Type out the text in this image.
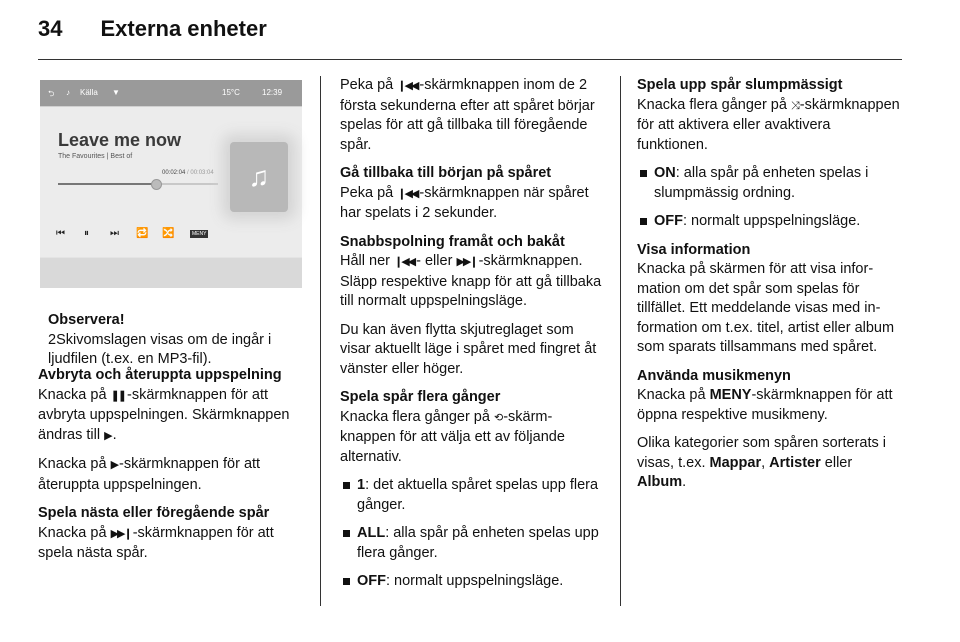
34 Externa enheter
⮌ ♪ Källa ▼	15°C	12:39
Leave me now
The Favourites | Best of
00:02:04 / 00:03:04
⏮ ⏸ ⏭ 🔁 🔀	MENY
♫
Observera!

2Skivomslagen visas om de ingår i ljudfilen (t.ex. en MP3-fil).

Avbryta och återuppta uppspelning

Knacka på ❚❚ -skärmknappen för att avbryta uppspelningen. Skärmknappen ändras till ▶ .

Knacka på ▶ -skärmknappen för att återuppta uppspelningen.

Spela nästa eller föregående spår

Knacka på ▶▶❙ -skärmknappen för att spela nästa spår.

Peka på ❙◀◀ -skärmknappen inom de 2 första sekunderna efter att spåret börjar spelas för att gå tillbaka till föregående spår.

Gå tillbaka till början på spåret

Peka på ❙◀◀ -skärmknappen när spåret har spelats i 2 sekunder.

Snabbspolning framåt och bakåt

Håll ner ❙◀◀ - eller ▶▶❙ -skärmknappen. Släpp respektive knapp för att gå tillbaka till normalt uppspelningsläge.

Du kan även flytta skjutreglaget som visar aktuellt läge i spåret med fingret åt vänster eller höger.

Spela spår flera gånger

Knacka flera gånger på ⟲ -skärmknappen för att välja ett av följande alternativ.

1: det aktuella spåret spelas upp flera gånger.
ALL: alla spår på enheten spelas upp flera gånger.
OFF: normalt uppspelningsläge.
Spela upp spår slumpmässigt

Knacka flera gånger på ⤨ -skärmknappen för att aktivera eller avaktivera funktionen.

ON: alla spår på enheten spelas i slumpmässig ordning.
OFF: normalt uppspelningsläge.
Visa information

Knacka på skärmen för att visa information om det spår som spelas för tillfället. Ett meddelande visas med information om t.ex. titel, artist eller album som sparats tillsammans med spåret.

Använda musikmenyn

Knacka på MENY-skärmknappen för att öppna respektive musikmeny.

Olika kategorier som spåren sorterats i visas, t.ex. Mappar, Artister eller Album.
